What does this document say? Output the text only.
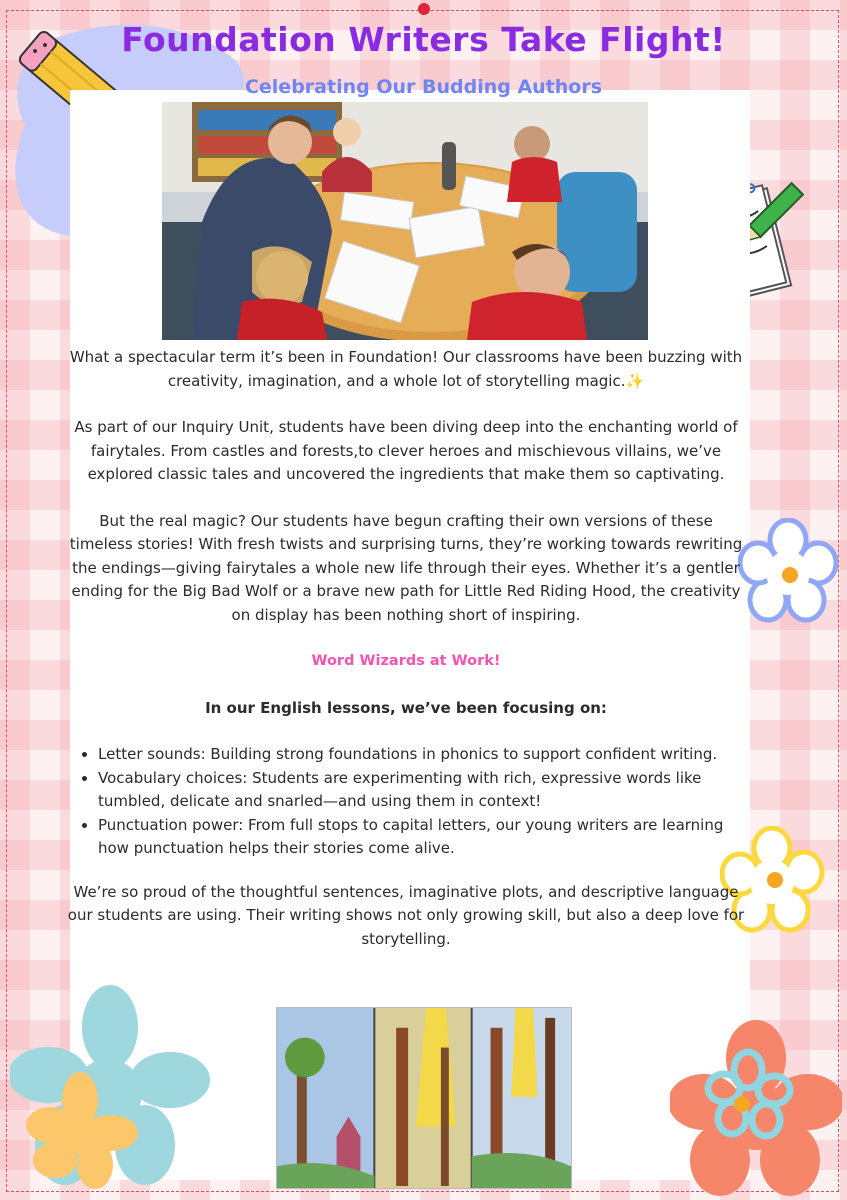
Foundation Writers Take Flight!
Celebrating Our Budding Authors

What a spectacular term it’s been in Foundation! Our classrooms have been buzzing with creativity, imagination, and a whole lot of storytelling magic.✨

As part of our Inquiry Unit, students have been diving deep into the enchanting world of fairytales. From castles and forests,to clever heroes and mischievous villains, we’ve explored classic tales and uncovered the ingredients that make them so captivating.

But the real magic? Our students have begun crafting their own versions of these timeless stories! With fresh twists and surprising turns, they’re working towards rewriting the endings—giving fairytales a whole new life through their eyes. Whether it’s a gentler ending for the Big Bad Wolf or a brave new path for Little Red Riding Hood, the creativity on display has been nothing short of inspiring.

Word Wizards at Work!

In our English lessons, we’ve been focusing on:

• Letter sounds: Building strong foundations in phonics to support confident writing.
• Vocabulary choices: Students are experimenting with rich, expressive words like tumbled, delicate and snarled—and using them in context!
• Punctuation power: From full stops to capital letters, our young writers are learning how punctuation helps their stories come alive.

We’re so proud of the thoughtful sentences, imaginative plots, and descriptive language our students are using. Their writing shows not only growing skill, but also a deep love for storytelling.
